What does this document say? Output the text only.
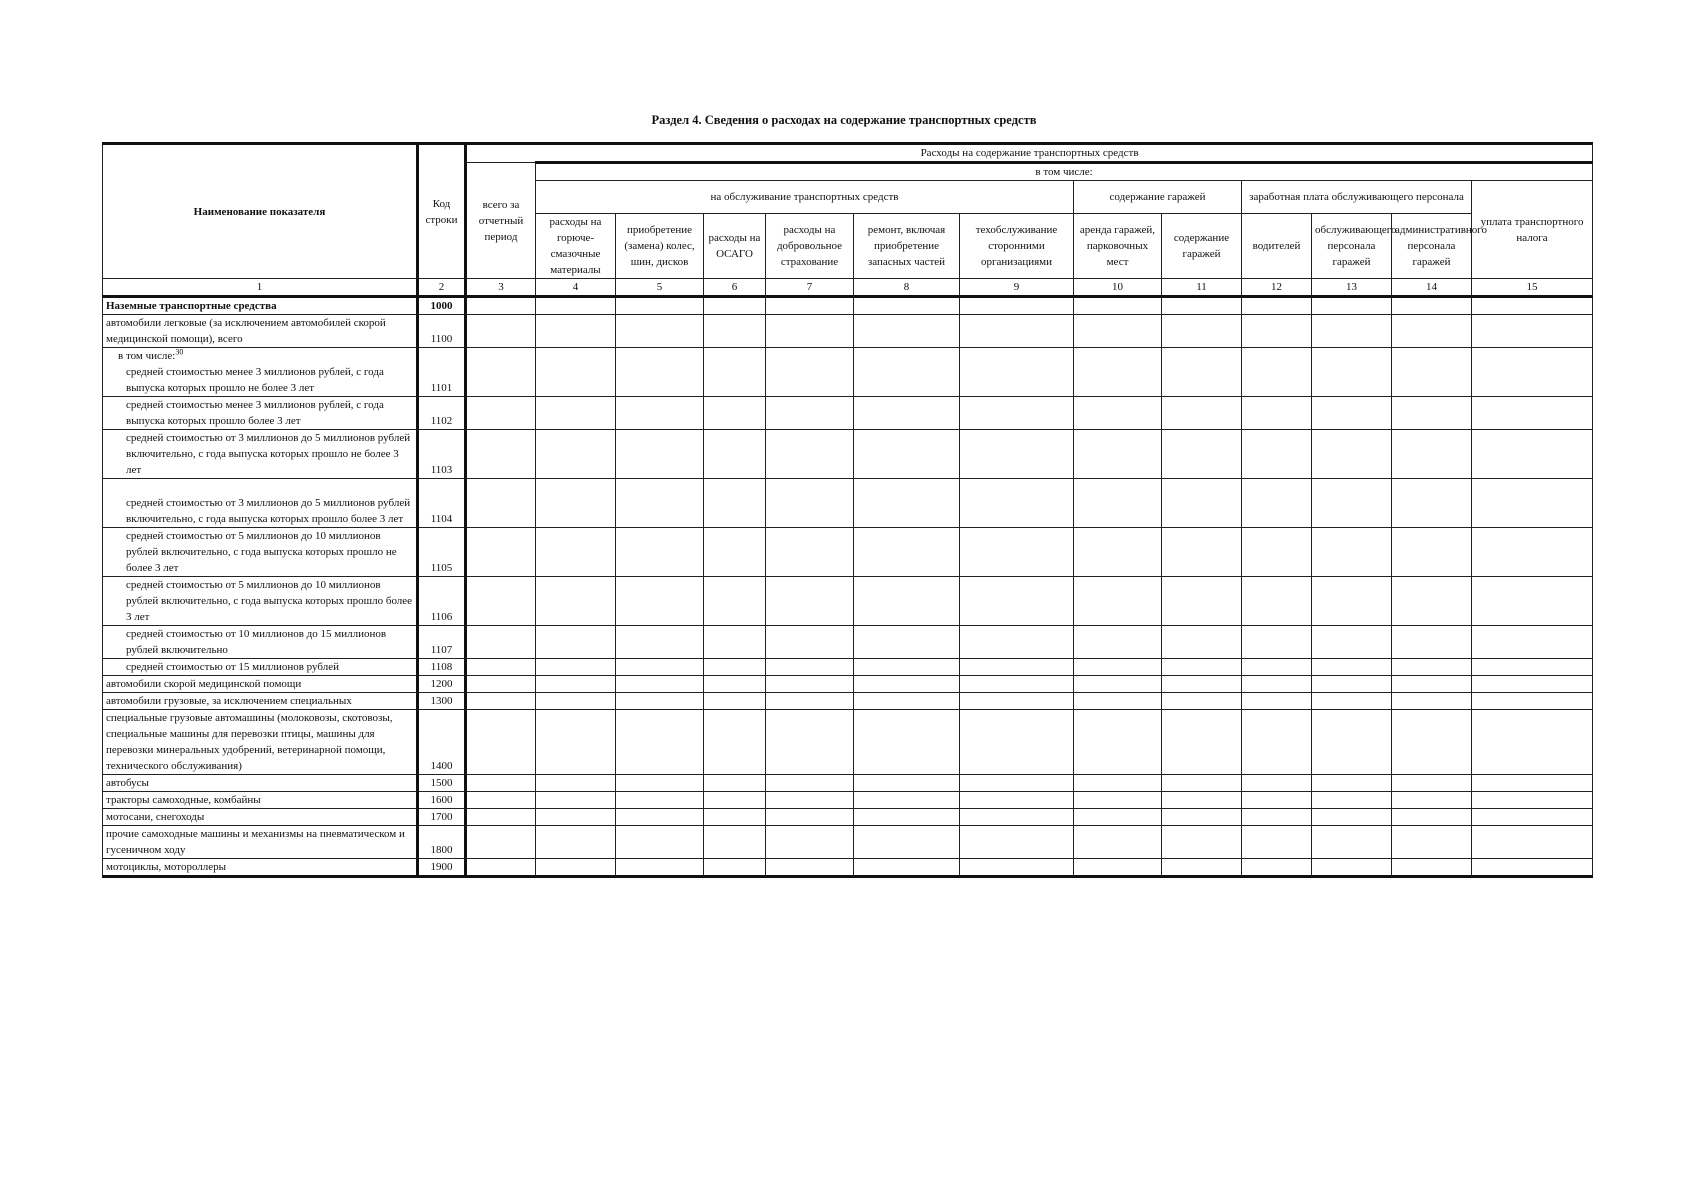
Раздел 4. Сведения о расходах на содержание транспортных средств
Наименование показателя	Код строки	Расходы на содержание транспортных средств												
		всего за отчетный период	в том числе:											
			на обслуживание транспортных средств						содержание гаражей		заработная плата обслуживающего персонала			уплата транспортного налога
			расходы на горюче-смазочные материалы	приобретение (замена) колес, шин, дисков	расходы на ОСАГО	расходы на добровольное страхование	ремонт, включая приобретение запасных частей	техобслуживание сторонними организациями	аренда гаражей, парковочных мест	содержание гаражей	водителей	обслуживающего персонала гаражей	административного персонала гаражей	
1	2	3	4	5	6	7	8	9	10	11	12	13	14	15
Наземные транспортные средства	1000													
автомобили легковые (за исключением автомобилей скорой медицинской помощи), всего	1100													

в том числе:$^{30}$
средней стоимостью менее 3 миллионов рублей, с года выпуска которых прошло не более 3 лет	1101													

средней стоимостью менее 3 миллионов рублей, с года выпуска которых прошло более 3 лет	1102													

средней стоимостью от 3 миллионов до 5 миллионов рублей включительно, с года выпуска которых прошло не более 3 лет	1103													

средней стоимостью от 3 миллионов до 5 миллионов рублей включительно, с года выпуска которых прошло более 3 лет	1104													

средней стоимостью от 5 миллионов до 10 миллионов рублей включительно, с года выпуска которых прошло не более 3 лет	1105													

средней стоимостью от 5 миллионов до 10 миллионов рублей включительно, с года выпуска которых прошло более 3 лет	1106													

средней стоимостью от 10 миллионов до 15 миллионов рублей включительно	1107													

средней стоимостью от 15 миллионов рублей	1108													
автомобили скорой медицинской помощи	1200													
автомобили грузовые, за исключением специальных	1300													
специальные грузовые автомашины (молоковозы, скотовозы, специальные машины для перевозки птицы, машины для перевозки минеральных удобрений, ветеринарной помощи, технического обслуживания)	1400													
автобусы	1500													
тракторы самоходные, комбайны	1600													
мотосани, снегоходы	1700													
прочие самоходные машины и механизмы на пневматическом и гусеничном ходу	1800													
мотоциклы, мотороллеры	1900													
